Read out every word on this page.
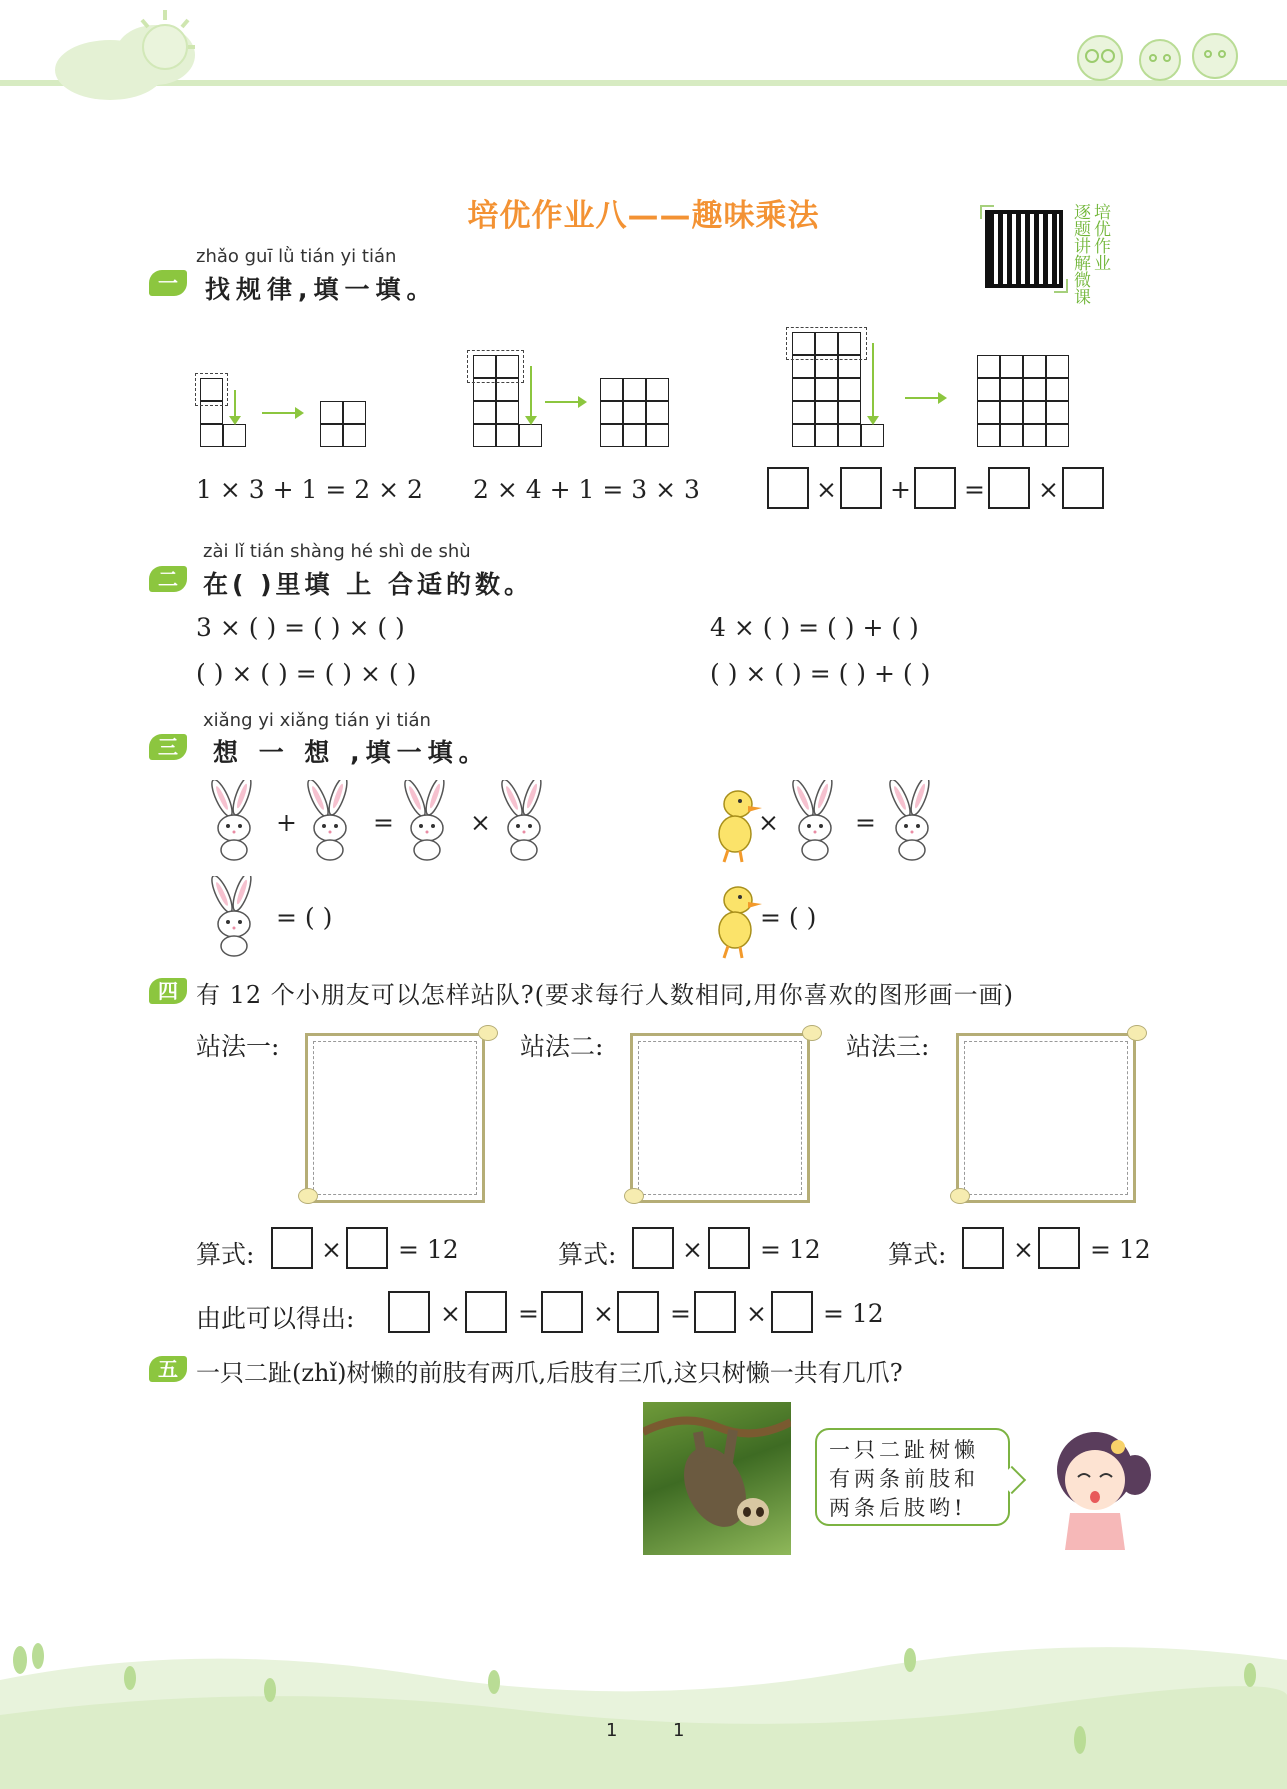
培优作业八——趣味乘法	逐题讲解微课 培优作业
一
zhǎo guī lǜ tián yi tián
找规律,填一填。
1 × 3 + 1 = 2 × 2 2 × 4 + 1 = 3 × 3	× + = ×
二
zài lǐ tián shàng hé shì de shù
在( )里填 上 合适的数。
3 × ( ) = ( ) × ( )	4 × ( ) = ( ) + ( )
( ) × ( ) = ( ) × ( )	( ) × ( ) = ( ) + ( )
三
xiǎng yi xiǎng tián yi tián
想 一 想 ,填一填。
+	=	×	×	=
= ( )	= ( )
四 有 12 个小朋友可以怎样站队?(要求每行人数相同,用你喜欢的图形画一画)
站法一:	站法二:	站法三:
算式:	× = 12	算式:	× = 12	算式:	× = 12
由此可以得出:	× = × = × = 12
五 一只二趾(zhǐ)树懒的前肢有两爪,后肢有三爪,这只树懒一共有几爪?
一只二趾树懒
有两条前肢和
两条后肢哟!
1	1
